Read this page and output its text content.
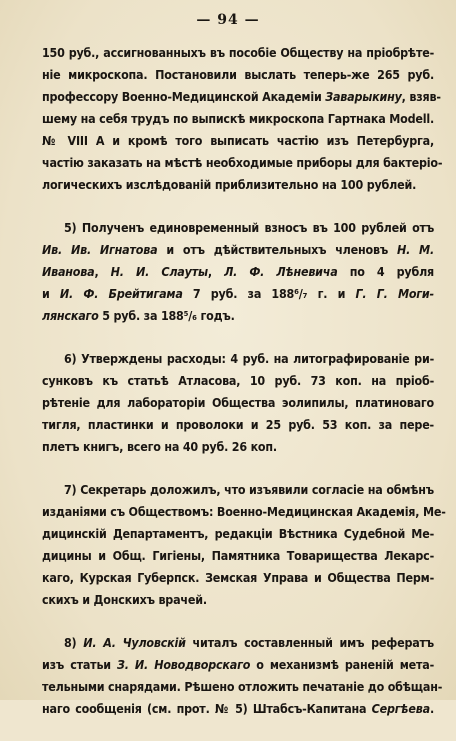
— 94 —
150 руб., ассигнованныхъ въ пособіе Обществу на пріобрѣте-
ніе микроскопа. Постановили выслать теперь-же 265 руб.
профессору Военно-Медицинской Академіи Заварыкину, взяв-
шему на себя трудъ по выпискѣ микроскопа Гартнака Modell.
№ VIII A и кромѣ того выписать частію изъ Петербурга,
частію заказать на мѣстѣ необходимые приборы для бактеріо-
логическихъ изслѣдованій приблизительно на 100 рублей.
5) Полученъ единовременный взносъ въ 100 рублей отъ
Ив. Ив. Игнатова и отъ дѣйствительныхъ членовъ Н. М.
Иванова, Н. И. Слауты, Л. Ф. Лѣневича по 4 рубля
и И. Ф. Брейтигама 7 руб. за 188⁶/₇ г. и Г. Г. Моги-
лянскаго 5 руб. за 188⁵/₆ годъ.
6) Утверждены расходы: 4 руб. на литографированіе ри-
сунковъ къ статьѣ Атласова, 10 руб. 73 коп. на пріоб-
рѣтеніе для лабораторіи Общества эолипилы, платиноваго
тигля, пластинки и проволоки и 25 руб. 53 коп. за пере-
плетъ книгъ, всего на 40 руб. 26 коп.
7) Секретарь доложилъ, что изъявили согласіе на обмѣнъ
изданіями съ Обществомъ: Военно-Медицинская Академія, Ме-
дицинскій Департаментъ, редакціи Вѣстника Судебной Ме-
дицины и Общ. Гигіены, Памятника Товарищества Лекарс-
каго, Курская Губерпск. Земская Управа и Общества Перм-
скихъ и Донскихъ врачей.
8) И. А. Чуловскій читалъ составленный имъ рефератъ
изъ статьи З. И. Новодворскаго о механизмѣ раненій мета-
тельными снарядами. Рѣшено отложить печатаніе до обѣщан-
наго сообщенія (см. прот. № 5) Штабсъ-Капитана Сергѣева.
